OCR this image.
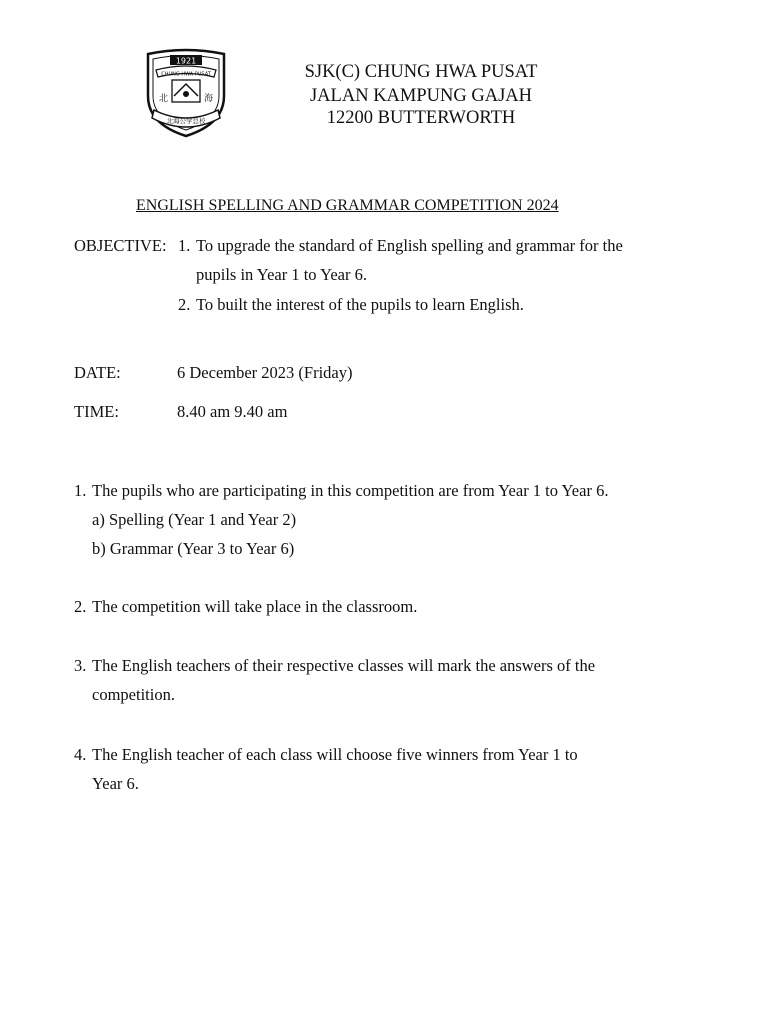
1921
CHUNG HWA PUSAT
北	海
北海公学总校
SJK(C) CHUNG HWA PUSAT
JALAN KAMPUNG GAJAH
12200 BUTTERWORTH
ENGLISH SPELLING AND GRAMMAR COMPETITION 2024
OBJECTIVE: 1. To upgrade the standard of English spelling and grammar for the
pupils in Year 1 to Year 6.
2. To built the interest of the pupils to learn English.
DATE:	6 December 2023 (Friday)
TIME:	8.40 am 9.40 am
1. The pupils who are participating in this competition are from Year 1 to Year 6.
a) Spelling (Year 1 and Year 2)
b) Grammar (Year 3 to Year 6)
2. The competition will take place in the classroom.
3. The English teachers of their respective classes will mark the answers of the
competition.
4. The English teacher of each class will choose five winners from Year 1 to
Year 6.
